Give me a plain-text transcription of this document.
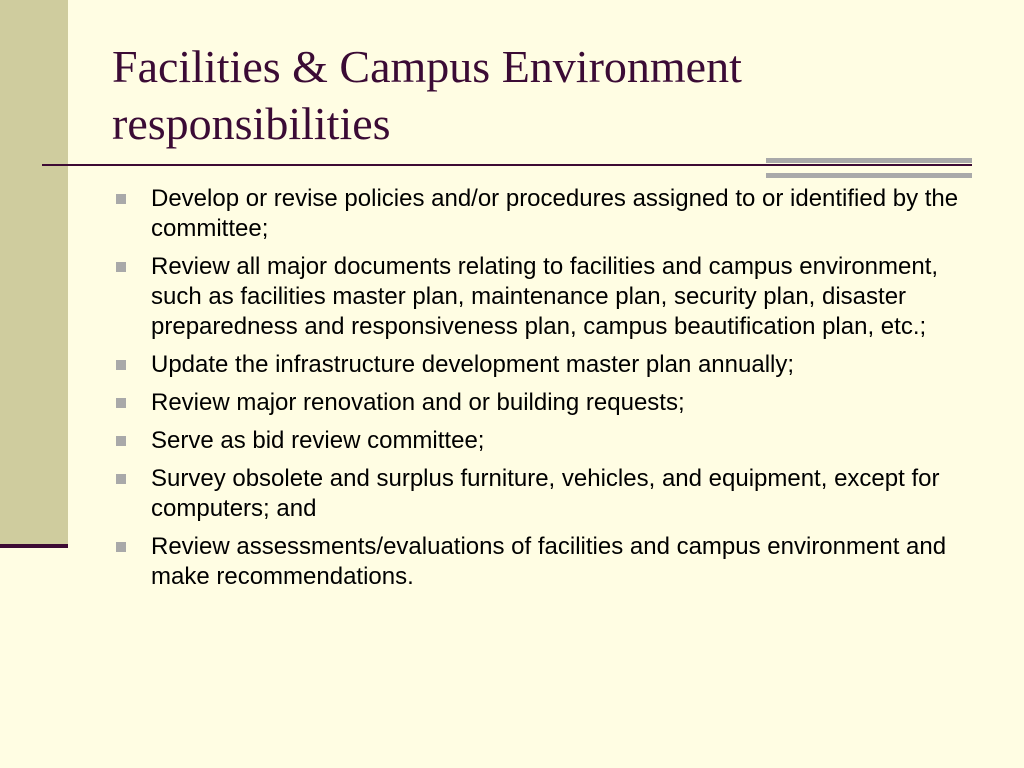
Facilities & Campus Environment responsibilities
Develop or revise policies and/or procedures assigned to or identified by the committee;
Review all major documents relating to facilities and campus environment, such as facilities master plan, maintenance plan, security plan, disaster preparedness and responsiveness plan, campus beautification plan, etc.;
Update the infrastructure development master plan annually;
Review major renovation and or building requests;
Serve as bid review committee;
Survey obsolete and surplus furniture, vehicles, and equipment, except for computers; and
Review assessments/evaluations of facilities and campus environment and make recommendations.
